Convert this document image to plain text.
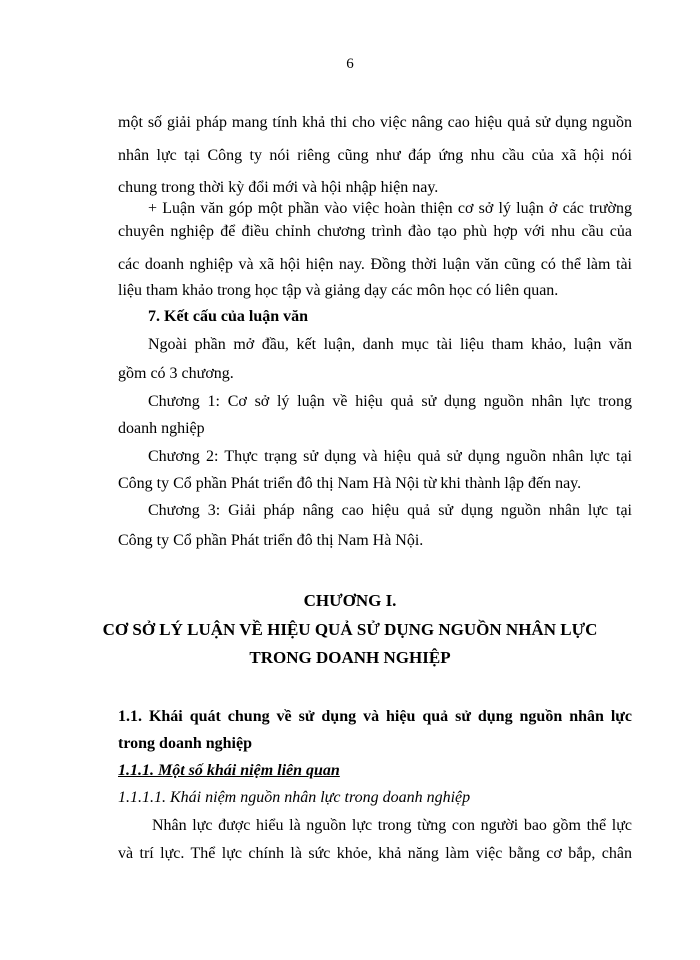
6
một số giải pháp mang tính khả thi cho việc nâng cao hiệu quả sử dụng nguồn
nhân lực tại Công ty nói riêng cũng như đáp ứng nhu cầu của xã hội nói
chung trong thời kỳ đổi mới và hội nhập hiện nay.
+ Luận văn góp một phần vào việc hoàn thiện cơ sở lý luận ở các trường
chuyên nghiệp để điều chỉnh chương trình đào tạo phù hợp với nhu cầu của
các doanh nghiệp và xã hội hiện nay. Đồng thời luận văn cũng có thể làm tài
liệu tham khảo trong học tập và giảng dạy các môn học có liên quan.
7. Kết cấu của luận văn
Ngoài phần mở đầu, kết luận, danh mục tài liệu tham khảo, luận văn
gồm có 3 chương.
Chương 1: Cơ sở lý luận về hiệu quả sử dụng nguồn nhân lực trong
doanh nghiệp
Chương 2: Thực trạng sử dụng và hiệu quả sử dụng nguồn nhân lực tại
Công ty Cổ phần Phát triển đô thị Nam Hà Nội từ khi thành lập đến nay.
Chương 3: Giải pháp nâng cao hiệu quả sử dụng nguồn nhân lực tại
Công ty Cổ phần Phát triển đô thị Nam Hà Nội.
CHƯƠNG I.
CƠ SỞ LÝ LUẬN VỀ HIỆU QUẢ SỬ DỤNG NGUỒN NHÂN LỰC
TRONG DOANH NGHIỆP
1.1. Khái quát chung về sử dụng và hiệu quả sử dụng nguồn nhân lực
trong doanh nghiệp
1.1.1. Một số khái niệm liên quan
1.1.1.1. Khái niệm nguồn nhân lực trong doanh nghiệp
Nhân lực được hiểu là nguồn lực trong từng con người bao gồm thể lực
và trí lực. Thể lực chính là sức khỏe, khả năng làm việc bằng cơ bắp, chân
